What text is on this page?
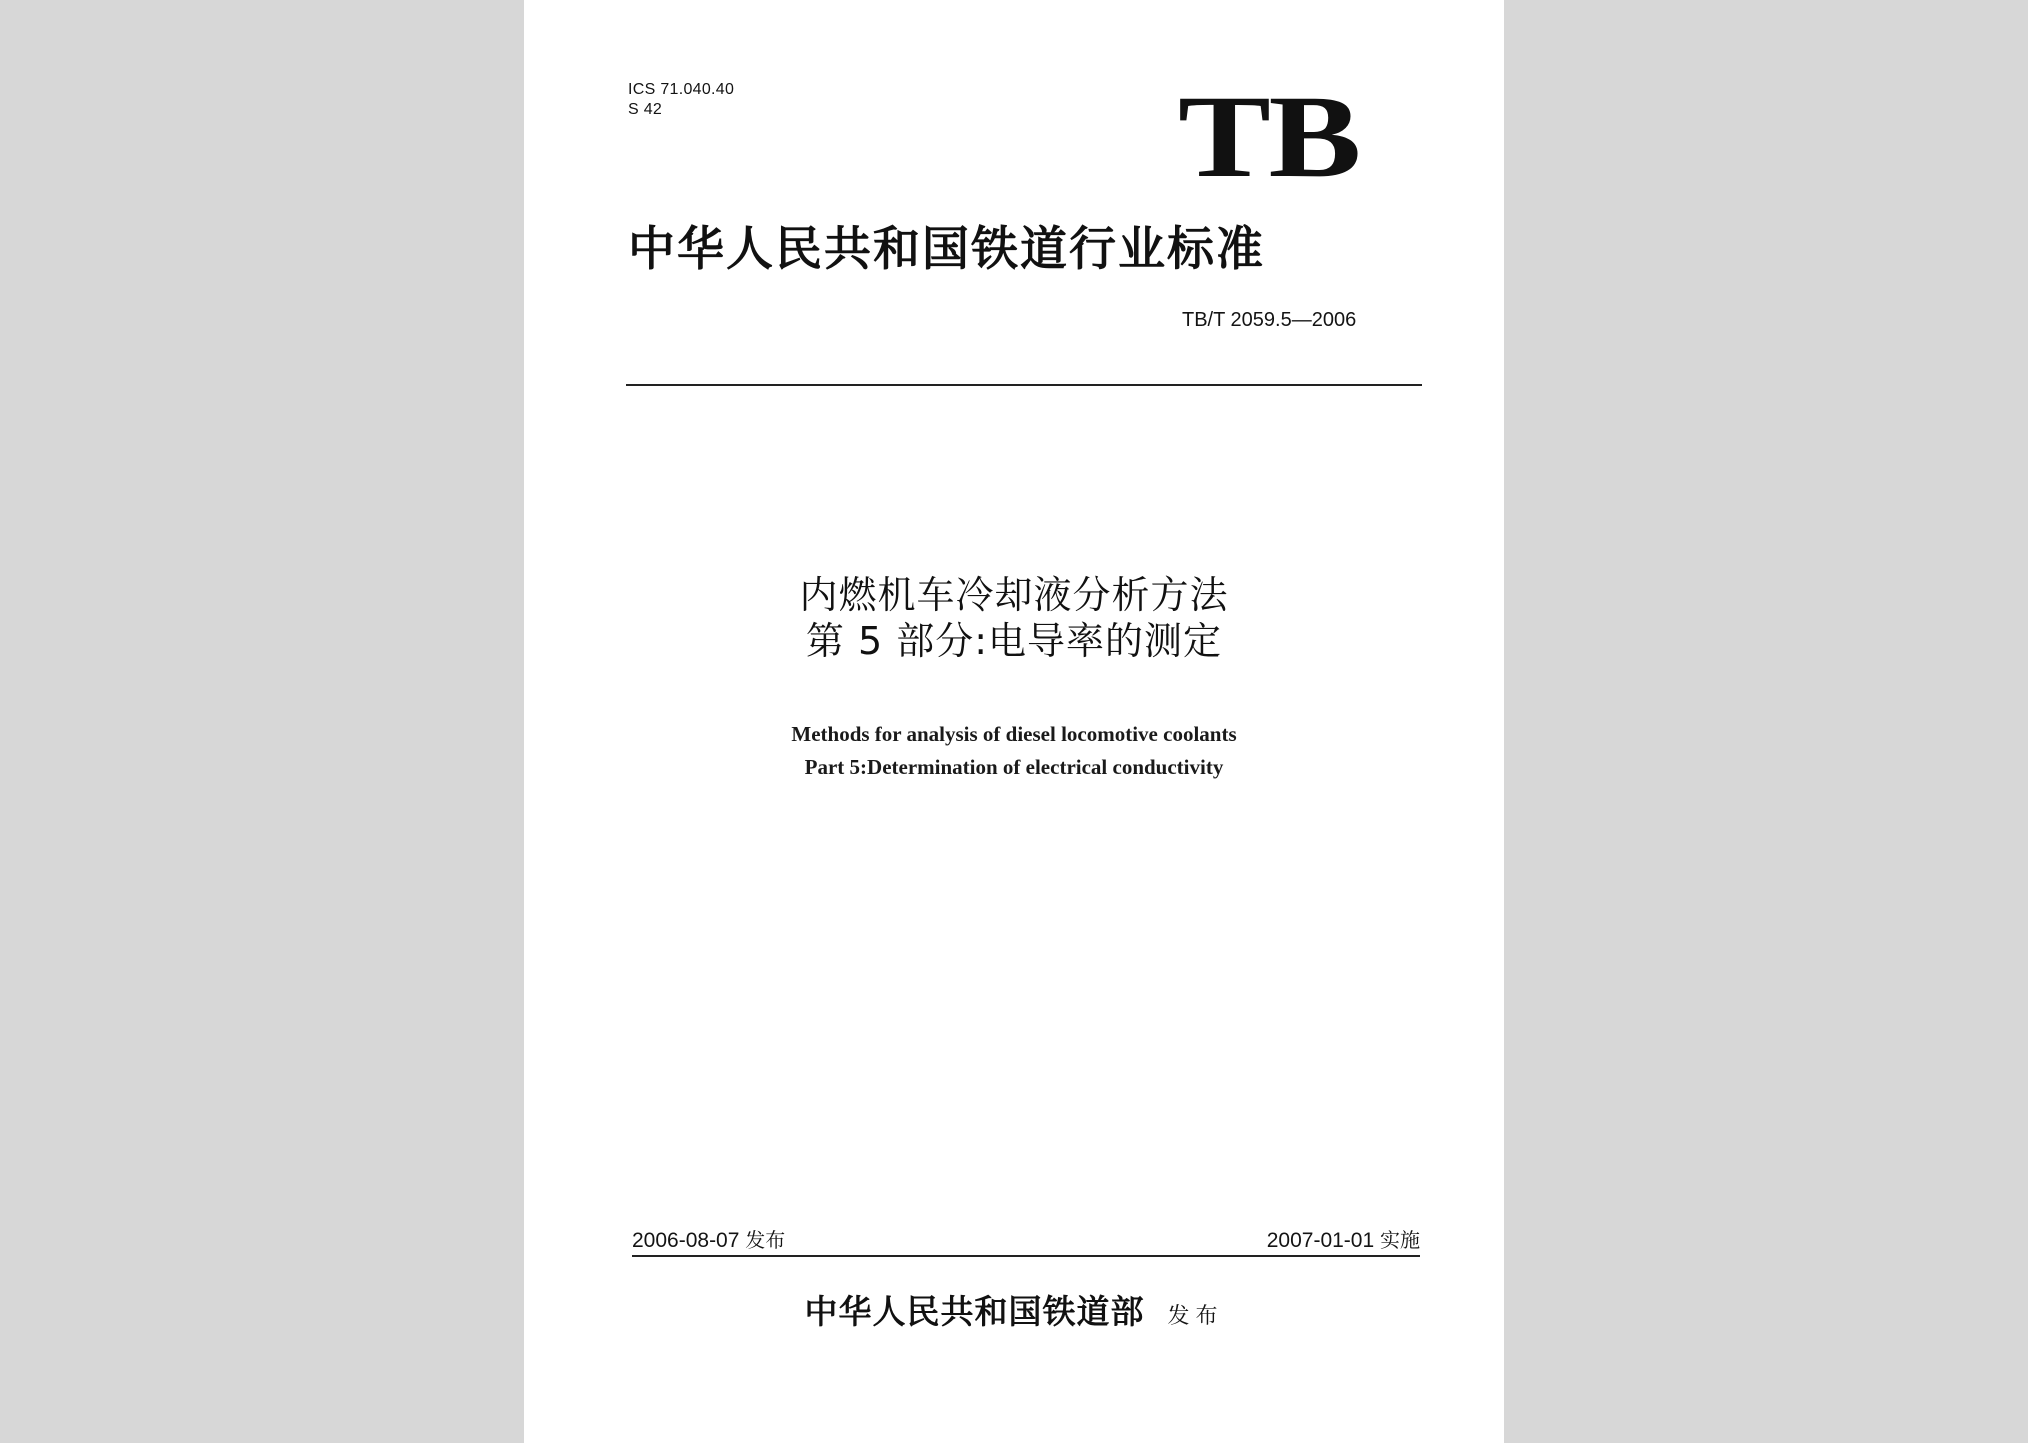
ICS 71.040.40
S 42	TB
中华人民共和国铁道行业标准
TB/T 2059.5—2006
内燃机车冷却液分析方法
第 5 部分:电导率的测定
Methods for analysis of diesel locomotive coolants
Part 5:Determination of electrical conductivity
2006-08-07 发布	2007-01-01 实施
中华人民共和国铁道部 发布
